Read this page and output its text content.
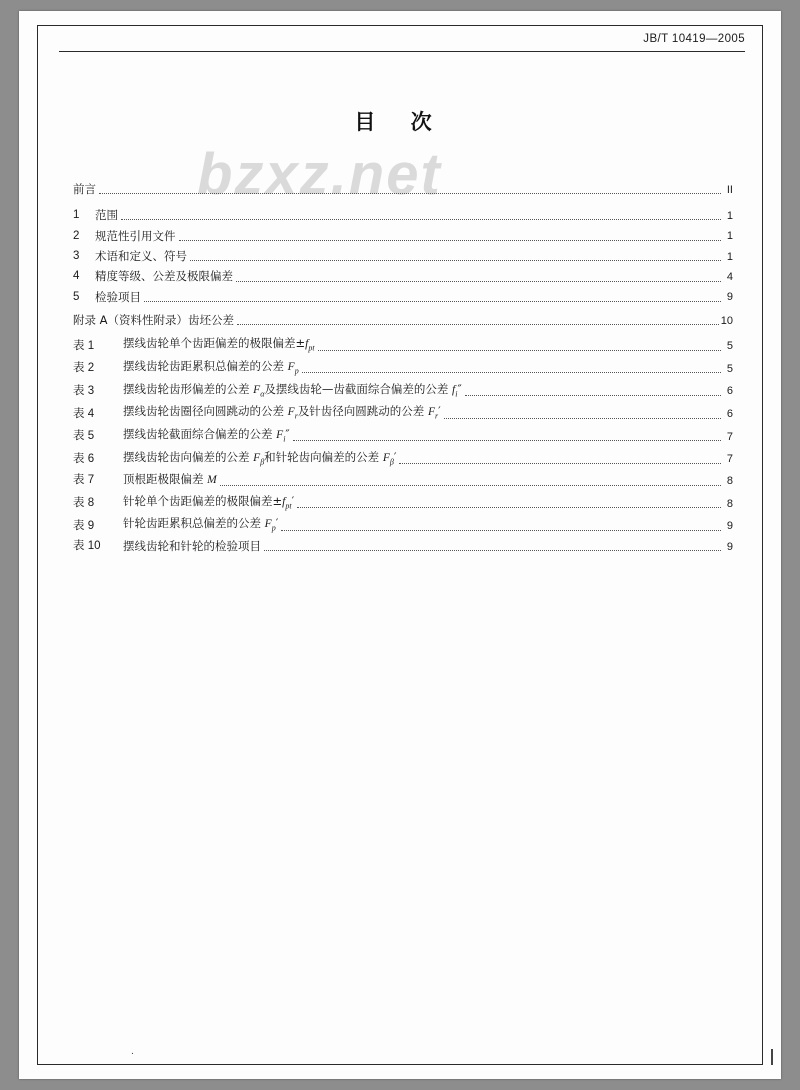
JB/T 10419—2005
目 次
bzxz.net
前言	II
1	范围	1
2	规范性引用文件	1
3	术语和定义、符号	1
4	精度等级、公差及极限偏差	4
5	检验项目	9
附录 A（资料性附录）齿坯公差	10
表 1	摆线齿轮单个齿距偏差的极限偏差$\pm f_{pt}$	5
表 2	摆线齿轮齿距累积总偏差的公差 $F_p$	5
表 3	摆线齿轮齿形偏差的公差 $F_\alpha$及摆线齿轮—齿截面综合偏差的公差 $f_i''$	6
表 4	摆线齿轮齿圈径向圆跳动的公差 $F_r$及针齿径向圆跳动的公差 $F_r'$	6
表 5	摆线齿轮截面综合偏差的公差 $F_i''$	7
表 6	摆线齿轮齿向偏差的公差 $F_\beta$和针轮齿向偏差的公差 $F_\beta'$	7
表 7	顶根距极限偏差 M	8
表 8	针轮单个齿距偏差的极限偏差$\pm f_{pt}'$	8
表 9	针轮齿距累积总偏差的公差 $F_p'$	9
表 10	摆线齿轮和针轮的检验项目	9
.
